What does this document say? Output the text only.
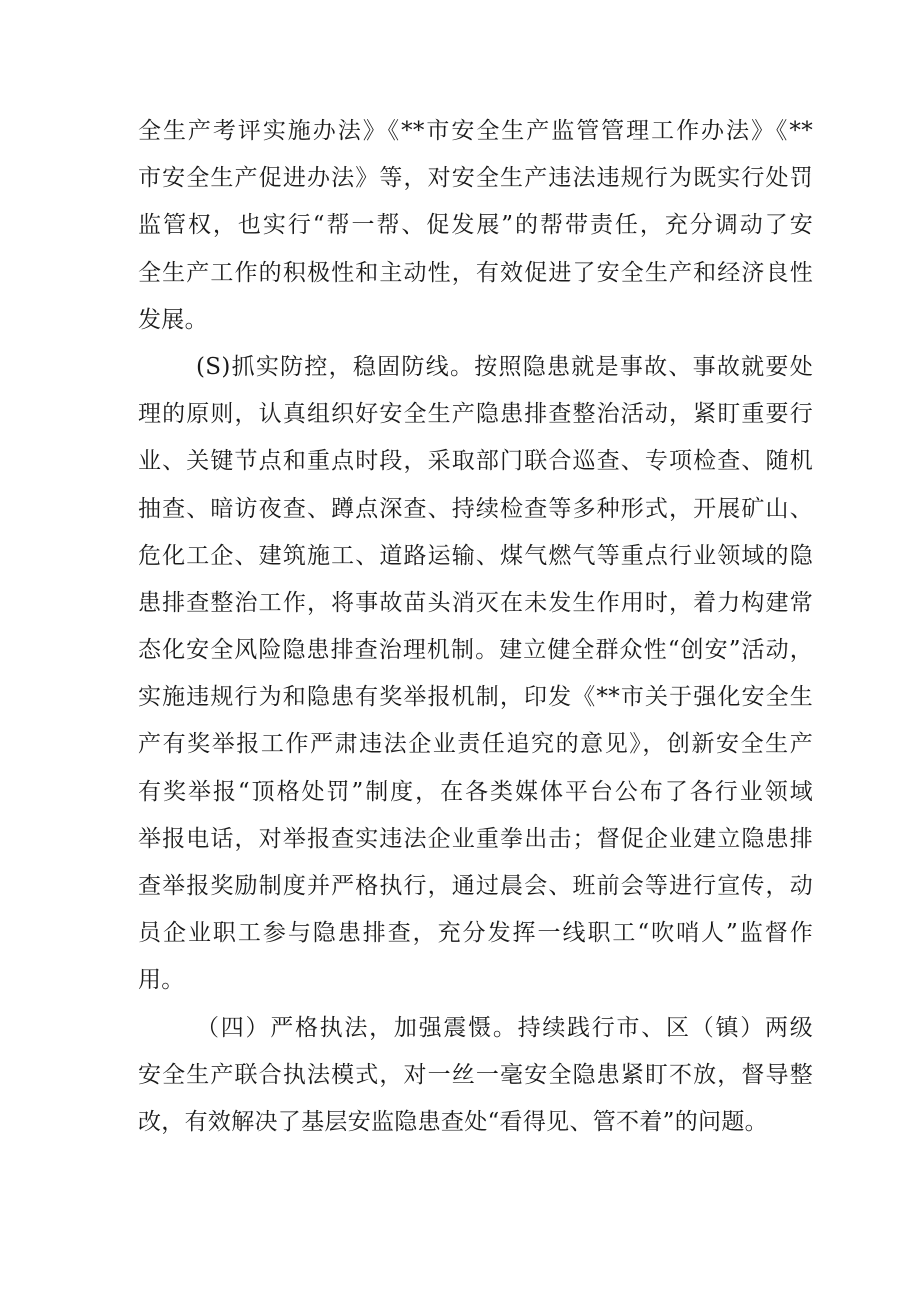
全生产考评实施办法》《**市安全生产监管管理工作办法》《**
市安全生产促进办法》等，对安全生产违法违规行为既实行处罚
监管权，也实行“帮一帮、促发展”的帮带责任，充分调动了安
全生产工作的积极性和主动性，有效促进了安全生产和经济良性
发展。
(S)抓实防控，稳固防线。按照隐患就是事故、事故就要处
理的原则，认真组织好安全生产隐患排查整治活动，紧盯重要行
业、关键节点和重点时段，采取部门联合巡查、专项检查、随机
抽查、暗访夜查、蹲点深查、持续检查等多种形式，开展矿山、
危化工企、建筑施工、道路运输、煤气燃气等重点行业领域的隐
患排查整治工作，将事故苗头消灭在未发生作用时，着力构建常
态化安全风险隐患排查治理机制。建立健全群众性“创安”活动，
实施违规行为和隐患有奖举报机制，印发《**市关于强化安全生
产有奖举报工作严肃违法企业责任追究的意见》，创新安全生产
有奖举报“顶格处罚”制度，在各类媒体平台公布了各行业领域
举报电话，对举报查实违法企业重拳出击；督促企业建立隐患排
查举报奖励制度并严格执行，通过晨会、班前会等进行宣传，动
员企业职工参与隐患排查，充分发挥一线职工“吹哨人”监督作
用。
（四）严格执法，加强震慑。持续践行市、区（镇）两级
安全生产联合执法模式，对一丝一毫安全隐患紧盯不放，督导整
改，有效解决了基层安监隐患查处“看得见、管不着”的问题。
